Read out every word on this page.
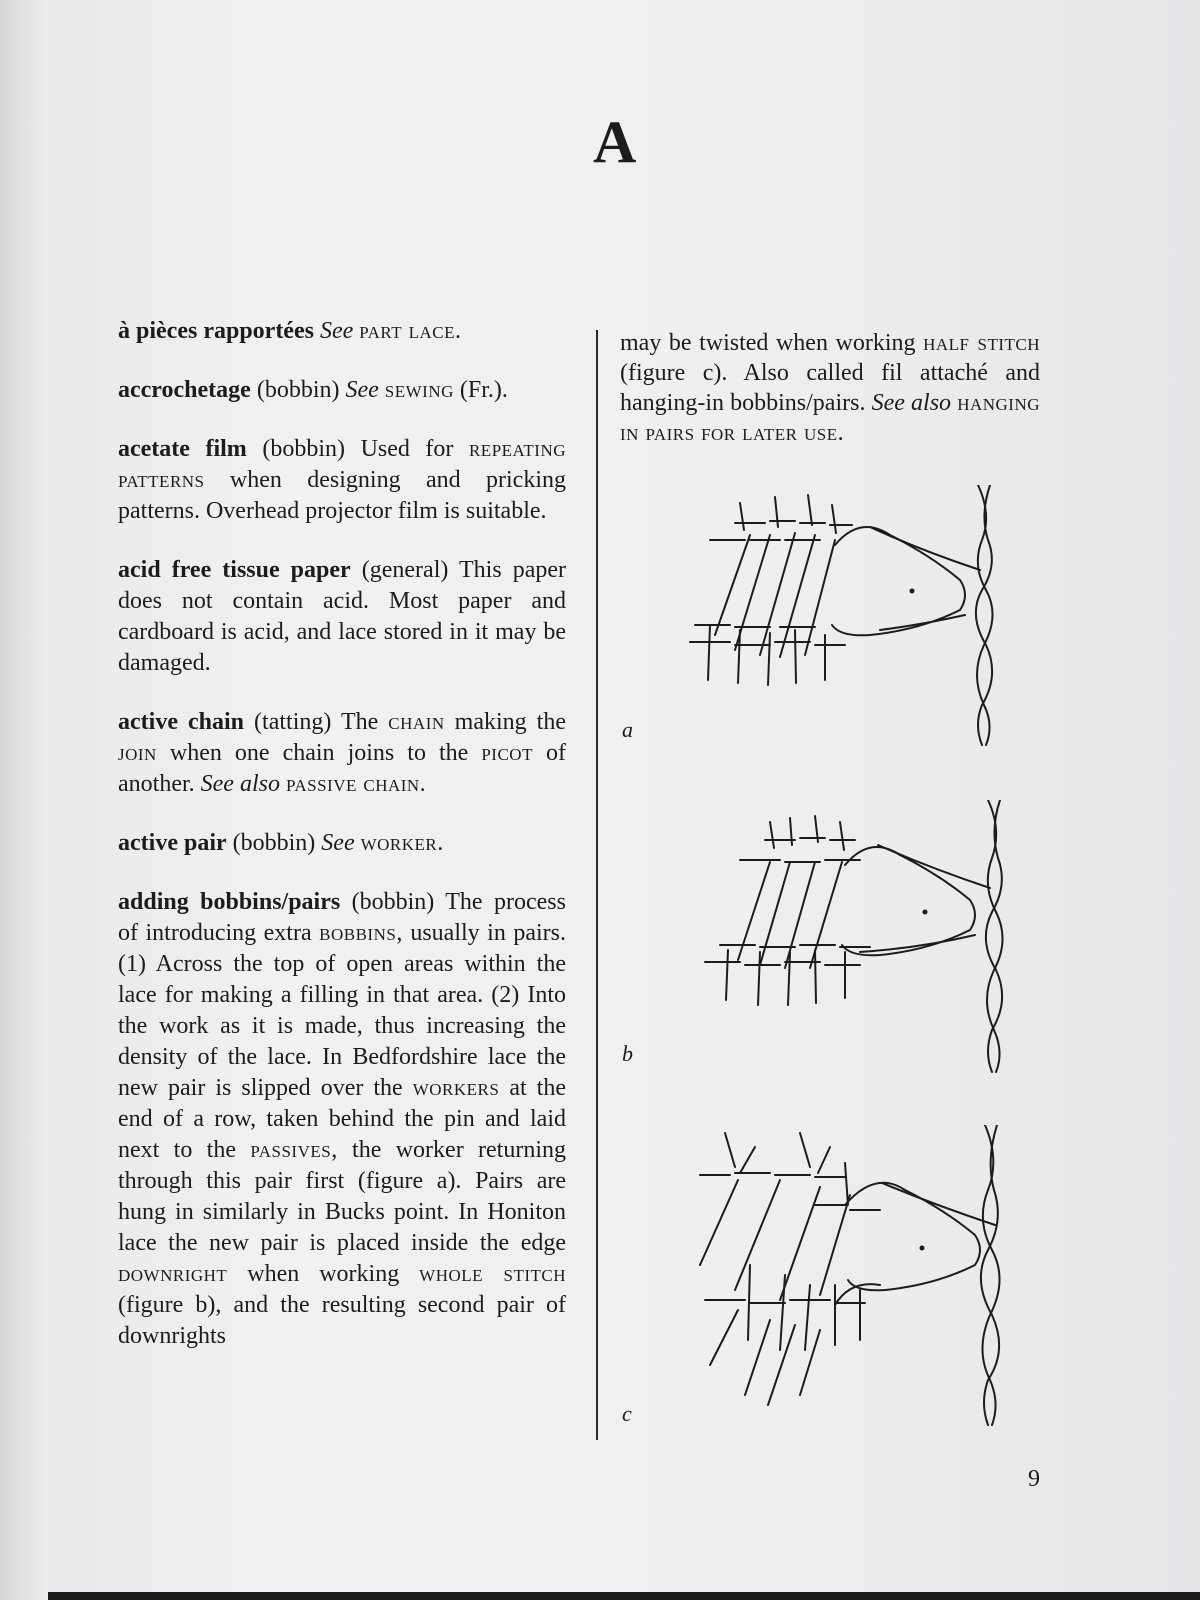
A

à pièces rapportées See part lace.

accrochetage (bobbin) See sewing (Fr.).

acetate film (bobbin) Used for repeating patterns when designing and pricking patterns. Overhead projector film is suitable.

acid free tissue paper (general) This paper does not contain acid. Most paper and cardboard is acid, and lace stored in it may be damaged.

active chain (tatting) The chain making the join when one chain joins to the picot of another. See also passive chain.

active pair (bobbin) See worker.

adding bobbins/pairs (bobbin) The process of introducing extra bobbins, usually in pairs. (1) Across the top of open areas within the lace for making a filling in that area. (2) Into the work as it is made, thus increasing the density of the lace. In Bedfordshire lace the new pair is slipped over the workers at the end of a row, taken behind the pin and laid next to the passives, the worker returning through this pair first (figure a). Pairs are hung in similarly in Bucks point. In Honiton lace the new pair is placed inside the edge downright when working whole stitch (figure b), and the resulting second pair of downrights

may be twisted when working half stitch (figure c). Also called fil attaché and hanging-in bobbins/pairs. See also hanging in pairs for later use.

a
b
c
9
